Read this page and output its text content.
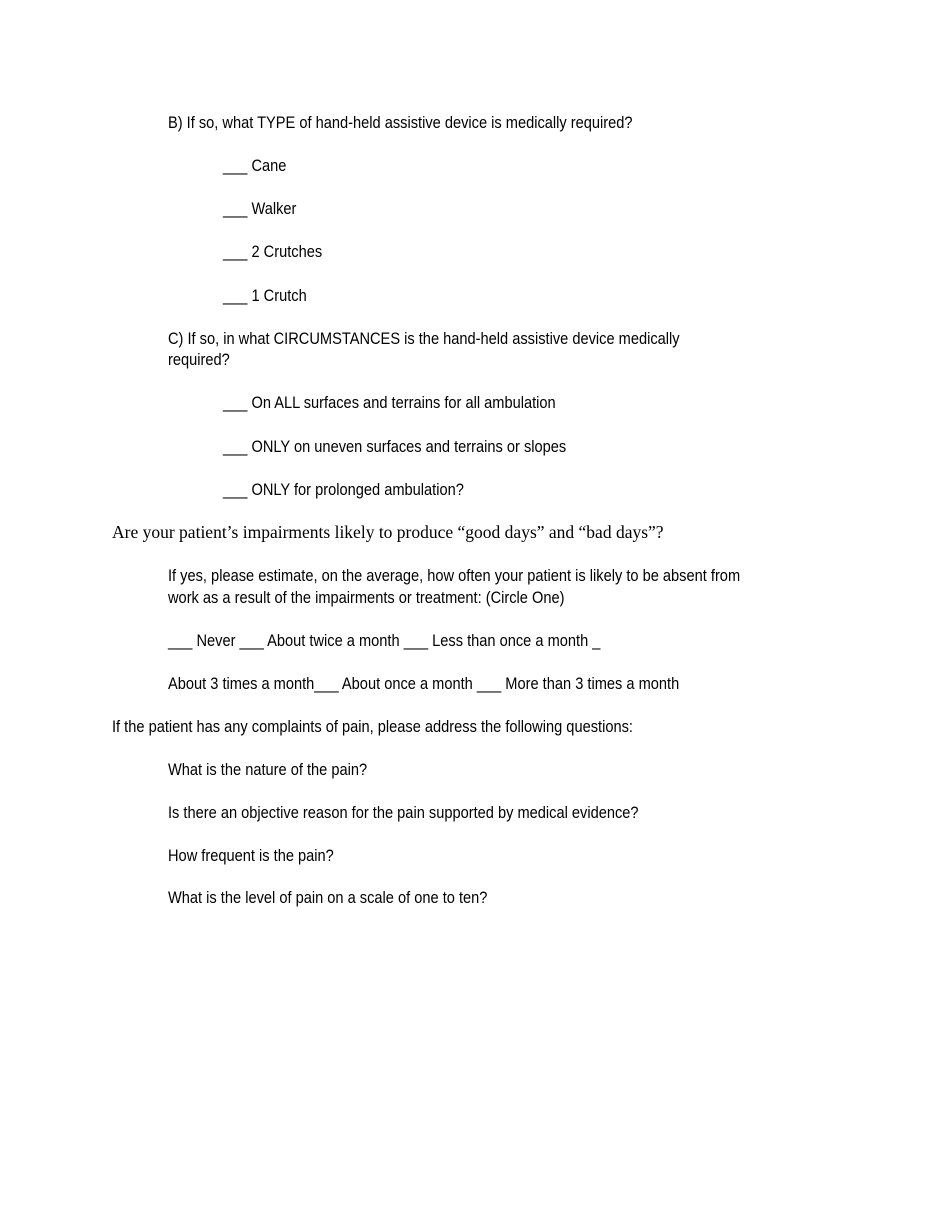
B) If so, what TYPE of hand-held assistive device is medically required?
___ Cane
___ Walker
___ 2 Crutches
___ 1 Crutch
C) If so, in what CIRCUMSTANCES is the hand-held assistive device medically
required?
___ On ALL surfaces and terrains for all ambulation
___ ONLY on uneven surfaces and terrains or slopes
___ ONLY for prolonged ambulation?
Are your patient’s impairments likely to produce “good days” and “bad days”?
If yes, please estimate, on the average, how often your patient is likely to be absent from
work as a result of the impairments or treatment: (Circle One)
___ Never ___ About twice a month ___ Less than once a month _
About 3 times a month___ About once a month ___ More than 3 times a month
If the patient has any complaints of pain, please address the following questions:
What is the nature of the pain?
Is there an objective reason for the pain supported by medical evidence?
How frequent is the pain?
What is the level of pain on a scale of one to ten?
